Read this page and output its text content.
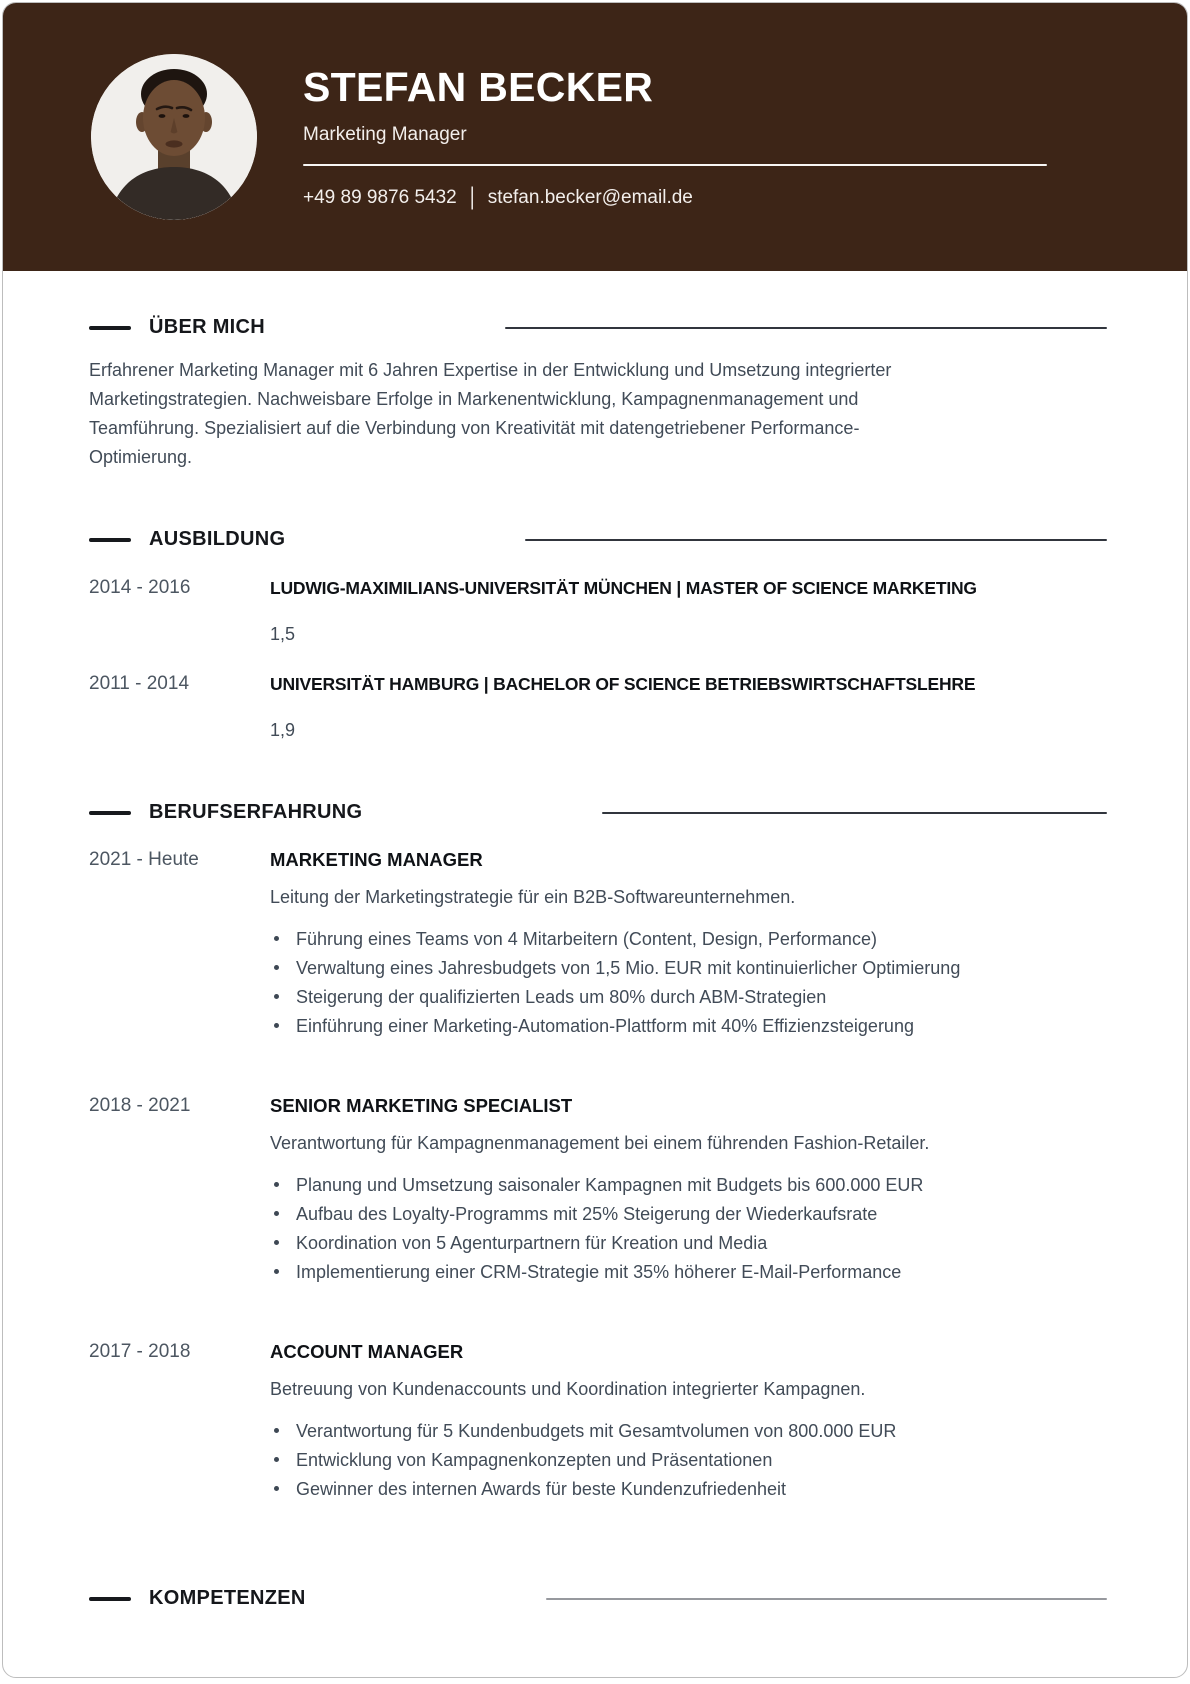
STEFAN BECKER
Marketing Manager
+49 89 9876 5432 | stefan.becker@email.de
ÜBER MICH

Erfahrener Marketing Manager mit 6 Jahren Expertise in der Entwicklung und Umsetzung integrierter Marketingstrategien. Nachweisbare Erfolge in Markenentwicklung, Kampagnenmanagement und Teamführung. Spezialisiert auf die Verbindung von Kreativität mit datengetriebener Performance-Optimierung.

AUSBILDUNG
2014 - 2016	LUDWIG-MAXIMILIANS-UNIVERSITÄT MÜNCHEN | MASTER OF SCIENCE MARKETING
1,5
2011 - 2014	UNIVERSITÄT HAMBURG | BACHELOR OF SCIENCE BETRIEBSWIRTSCHAFTSLEHRE
1,9
BERUFSERFAHRUNG
2021 - Heute	MARKETING MANAGER
Leitung der Marketingstrategie für ein B2B-Softwareunternehmen.
Führung eines Teams von 4 Mitarbeitern (Content, Design, Performance)
Verwaltung eines Jahresbudgets von 1,5 Mio. EUR mit kontinuierlicher Optimierung
Steigerung der qualifizierten Leads um 80% durch ABM-Strategien
Einführung einer Marketing-Automation-Plattform mit 40% Effizienzsteigerung
2018 - 2021	SENIOR MARKETING SPECIALIST
Verantwortung für Kampagnenmanagement bei einem führenden Fashion-Retailer.
Planung und Umsetzung saisonaler Kampagnen mit Budgets bis 600.000 EUR
Aufbau des Loyalty-Programms mit 25% Steigerung der Wiederkaufsrate
Koordination von 5 Agenturpartnern für Kreation und Media
Implementierung einer CRM-Strategie mit 35% höherer E-Mail-Performance
2017 - 2018	ACCOUNT MANAGER
Betreuung von Kundenaccounts und Koordination integrierter Kampagnen.
Verantwortung für 5 Kundenbudgets mit Gesamtvolumen von 800.000 EUR
Entwicklung von Kampagnenkonzepten und Präsentationen
Gewinner des internen Awards für beste Kundenzufriedenheit
KOMPETENZEN
